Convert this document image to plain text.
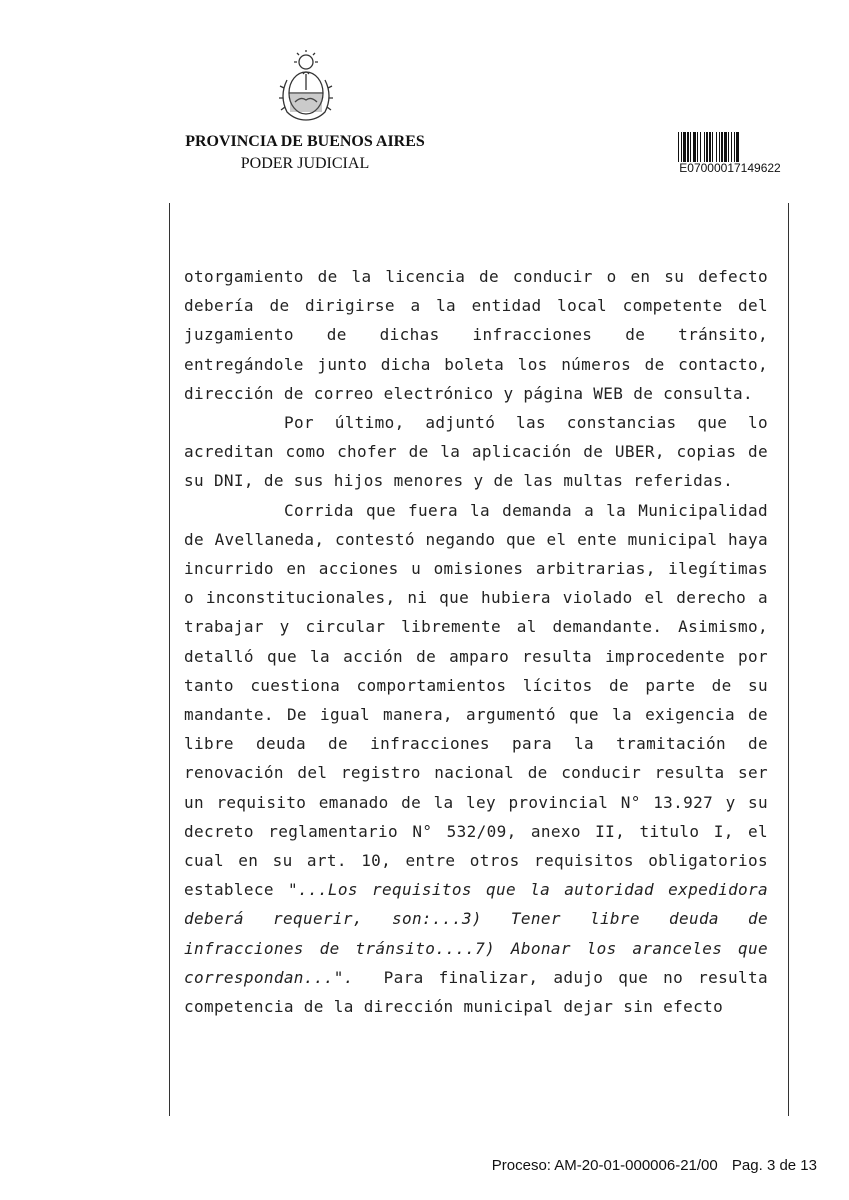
PROVINCIA DE BUENOS AIRES
PODER JUDICIAL	E07000017149622

otorgamiento de la licencia de conducir o en su defecto debería de dirigirse a la entidad local competente del juzgamiento de dichas infracciones de tránsito, entregándole junto dicha boleta los números de contacto, dirección de correo electrónico y página WEB de consulta.

Por último, adjuntó las constancias que lo acreditan como chofer de la aplicación de UBER, copias de su DNI, de sus hijos menores y de las multas referidas.

Corrida que fuera la demanda a la Municipalidad de Avellaneda, contestó negando que el ente municipal haya incurrido en acciones u omisiones arbitrarias, ilegítimas o inconstitucionales, ni que hubiera violado el derecho a trabajar y circular libremente al demandante. Asimismo, detalló que la acción de amparo resulta improcedente por tanto cuestiona comportamientos lícitos de parte de su mandante. De igual manera, argumentó que la exigencia de libre deuda de infracciones para la tramitación de renovación del registro nacional de conducir resulta ser un requisito emanado de la ley provincial N° 13.927 y su decreto reglamentario N° 532/09, anexo II, titulo I, el cual en su art. 10, entre otros requisitos obligatorios establece "...Los requisitos que la autoridad expedidora deberá requerir, son:...3) Tener libre deuda de infracciones de tránsito....7) Abonar los aranceles que correspondan...".  Para finalizar, adujo que no resulta competencia de la dirección municipal dejar sin efecto

Proceso: AM-20-01-000006-21/00 Pag. 3 de 13
